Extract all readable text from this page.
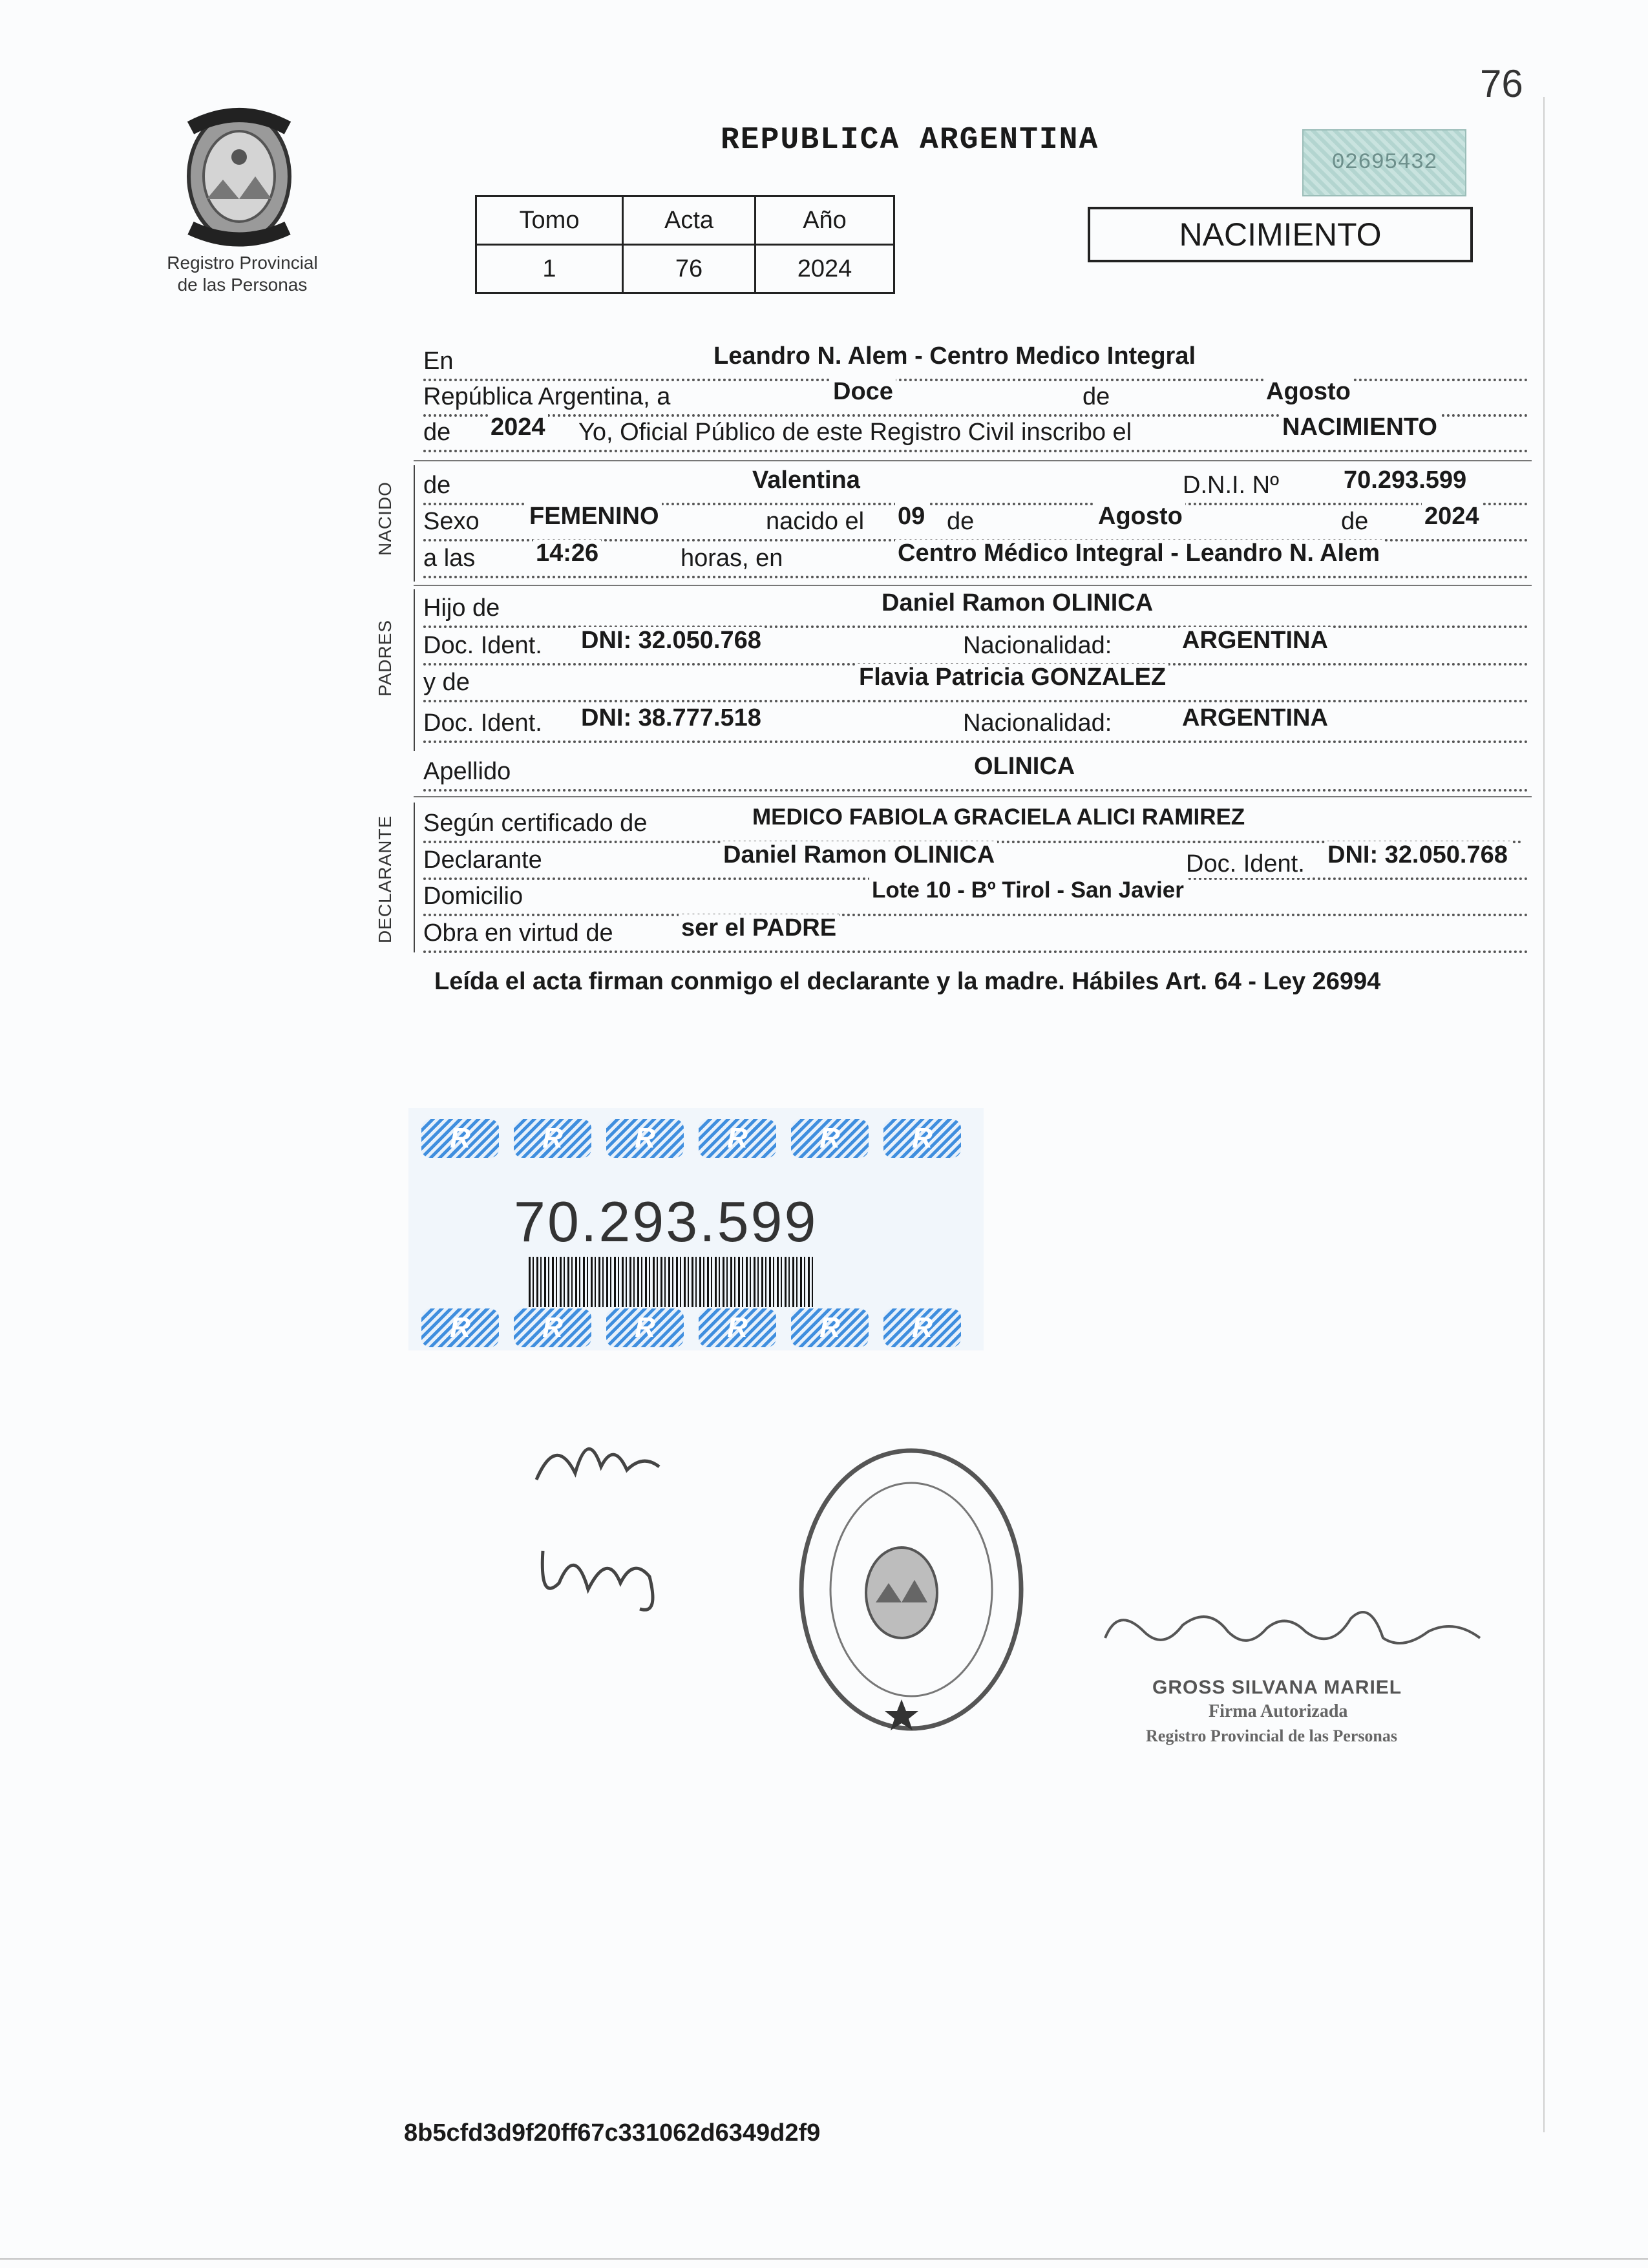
76
Registro Provincial
de las Personas
REPUBLICA ARGENTINA
02695432
Tomo	Acta	Año
1	76	2024
NACIMIENTO
En	Leandro N. Alem - Centro Medico Integral
República Argentina, a	Doce	de	Agosto
de 2024 Yo, Oficial Público de este Registro Civil inscribo el	NACIMIENTO
NACIDO de	Valentina	D.N.I. Nº	70.293.599
Sexo FEMENINO	nacido el 09 de	Agosto	de 2024
a las 14:26	horas, en	Centro Médico Integral - Leandro N. Alem
PADRES
Hijo de	Daniel Ramon OLINICA
Doc. Ident. DNI: 32.050.768	Nacionalidad:	ARGENTINA
y de	Flavia Patricia GONZALEZ
Doc. Ident. DNI: 38.777.518	Nacionalidad:	ARGENTINA
Apellido	OLINICA
DECLARANTE Según certificado de	MEDICO FABIOLA GRACIELA ALICI RAMIREZ
Declarante	Daniel Ramon OLINICA	Doc. Ident. DNI: 32.050.768
Domicilio	Lote 10 - Bº Tirol - San Javier
Obra en virtud de	ser el PADRE
Leída el acta firman conmigo el declarante y la madre. Hábiles Art. 64 - Ley 26994
R	R	R	R	R	R
R	R	R	R	R	R
70.293.599
GROSS SILVANA MARIEL
Firma Autorizada
Registro Provincial de las Personas
8b5cfd3d9f20ff67c331062d6349d2f9
